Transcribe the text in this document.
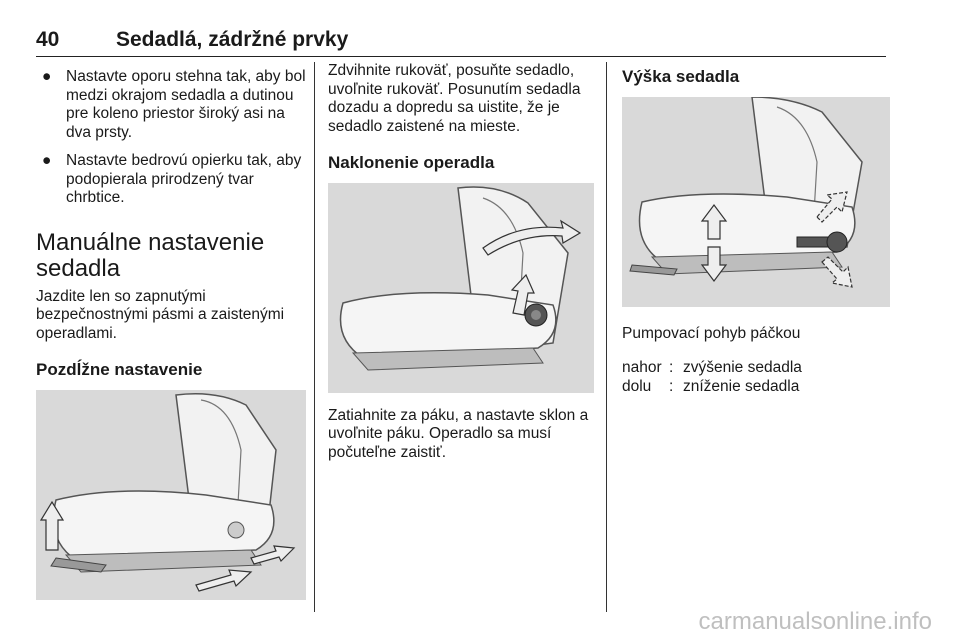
40	Sedadlá, zádržné prvky
● Nastavte oporu stehna tak, aby bol medzi okrajom sedadla a dutinou pre koleno priestor široký asi na dva prsty.
● Nastavte bedrovú opierku tak, aby podopierala prirodzený tvar chrbtice.
Manuálne nastavenie sedadla

Jazdite len so zapnutými bezpečnostnými pásmi a zaistenými operadlami.

Pozdĺžne nastavenie

Zdvihnite rukoväť, posuňte sedadlo, uvoľnite rukoväť. Posunutím sedadla dozadu a dopredu sa uistite, že je sedadlo zaistené na mieste.

Naklonenie operadla

Zatiahnite za páku, a nastavte sklon a uvoľnite páku. Operadlo sa musí počuteľne zaistiť.

Výška sedadla

Pumpovací pohyb páčkou

nahor : zvýšenie sedadla
dolu	: zníženie sedadla
carmanualsonline.info
